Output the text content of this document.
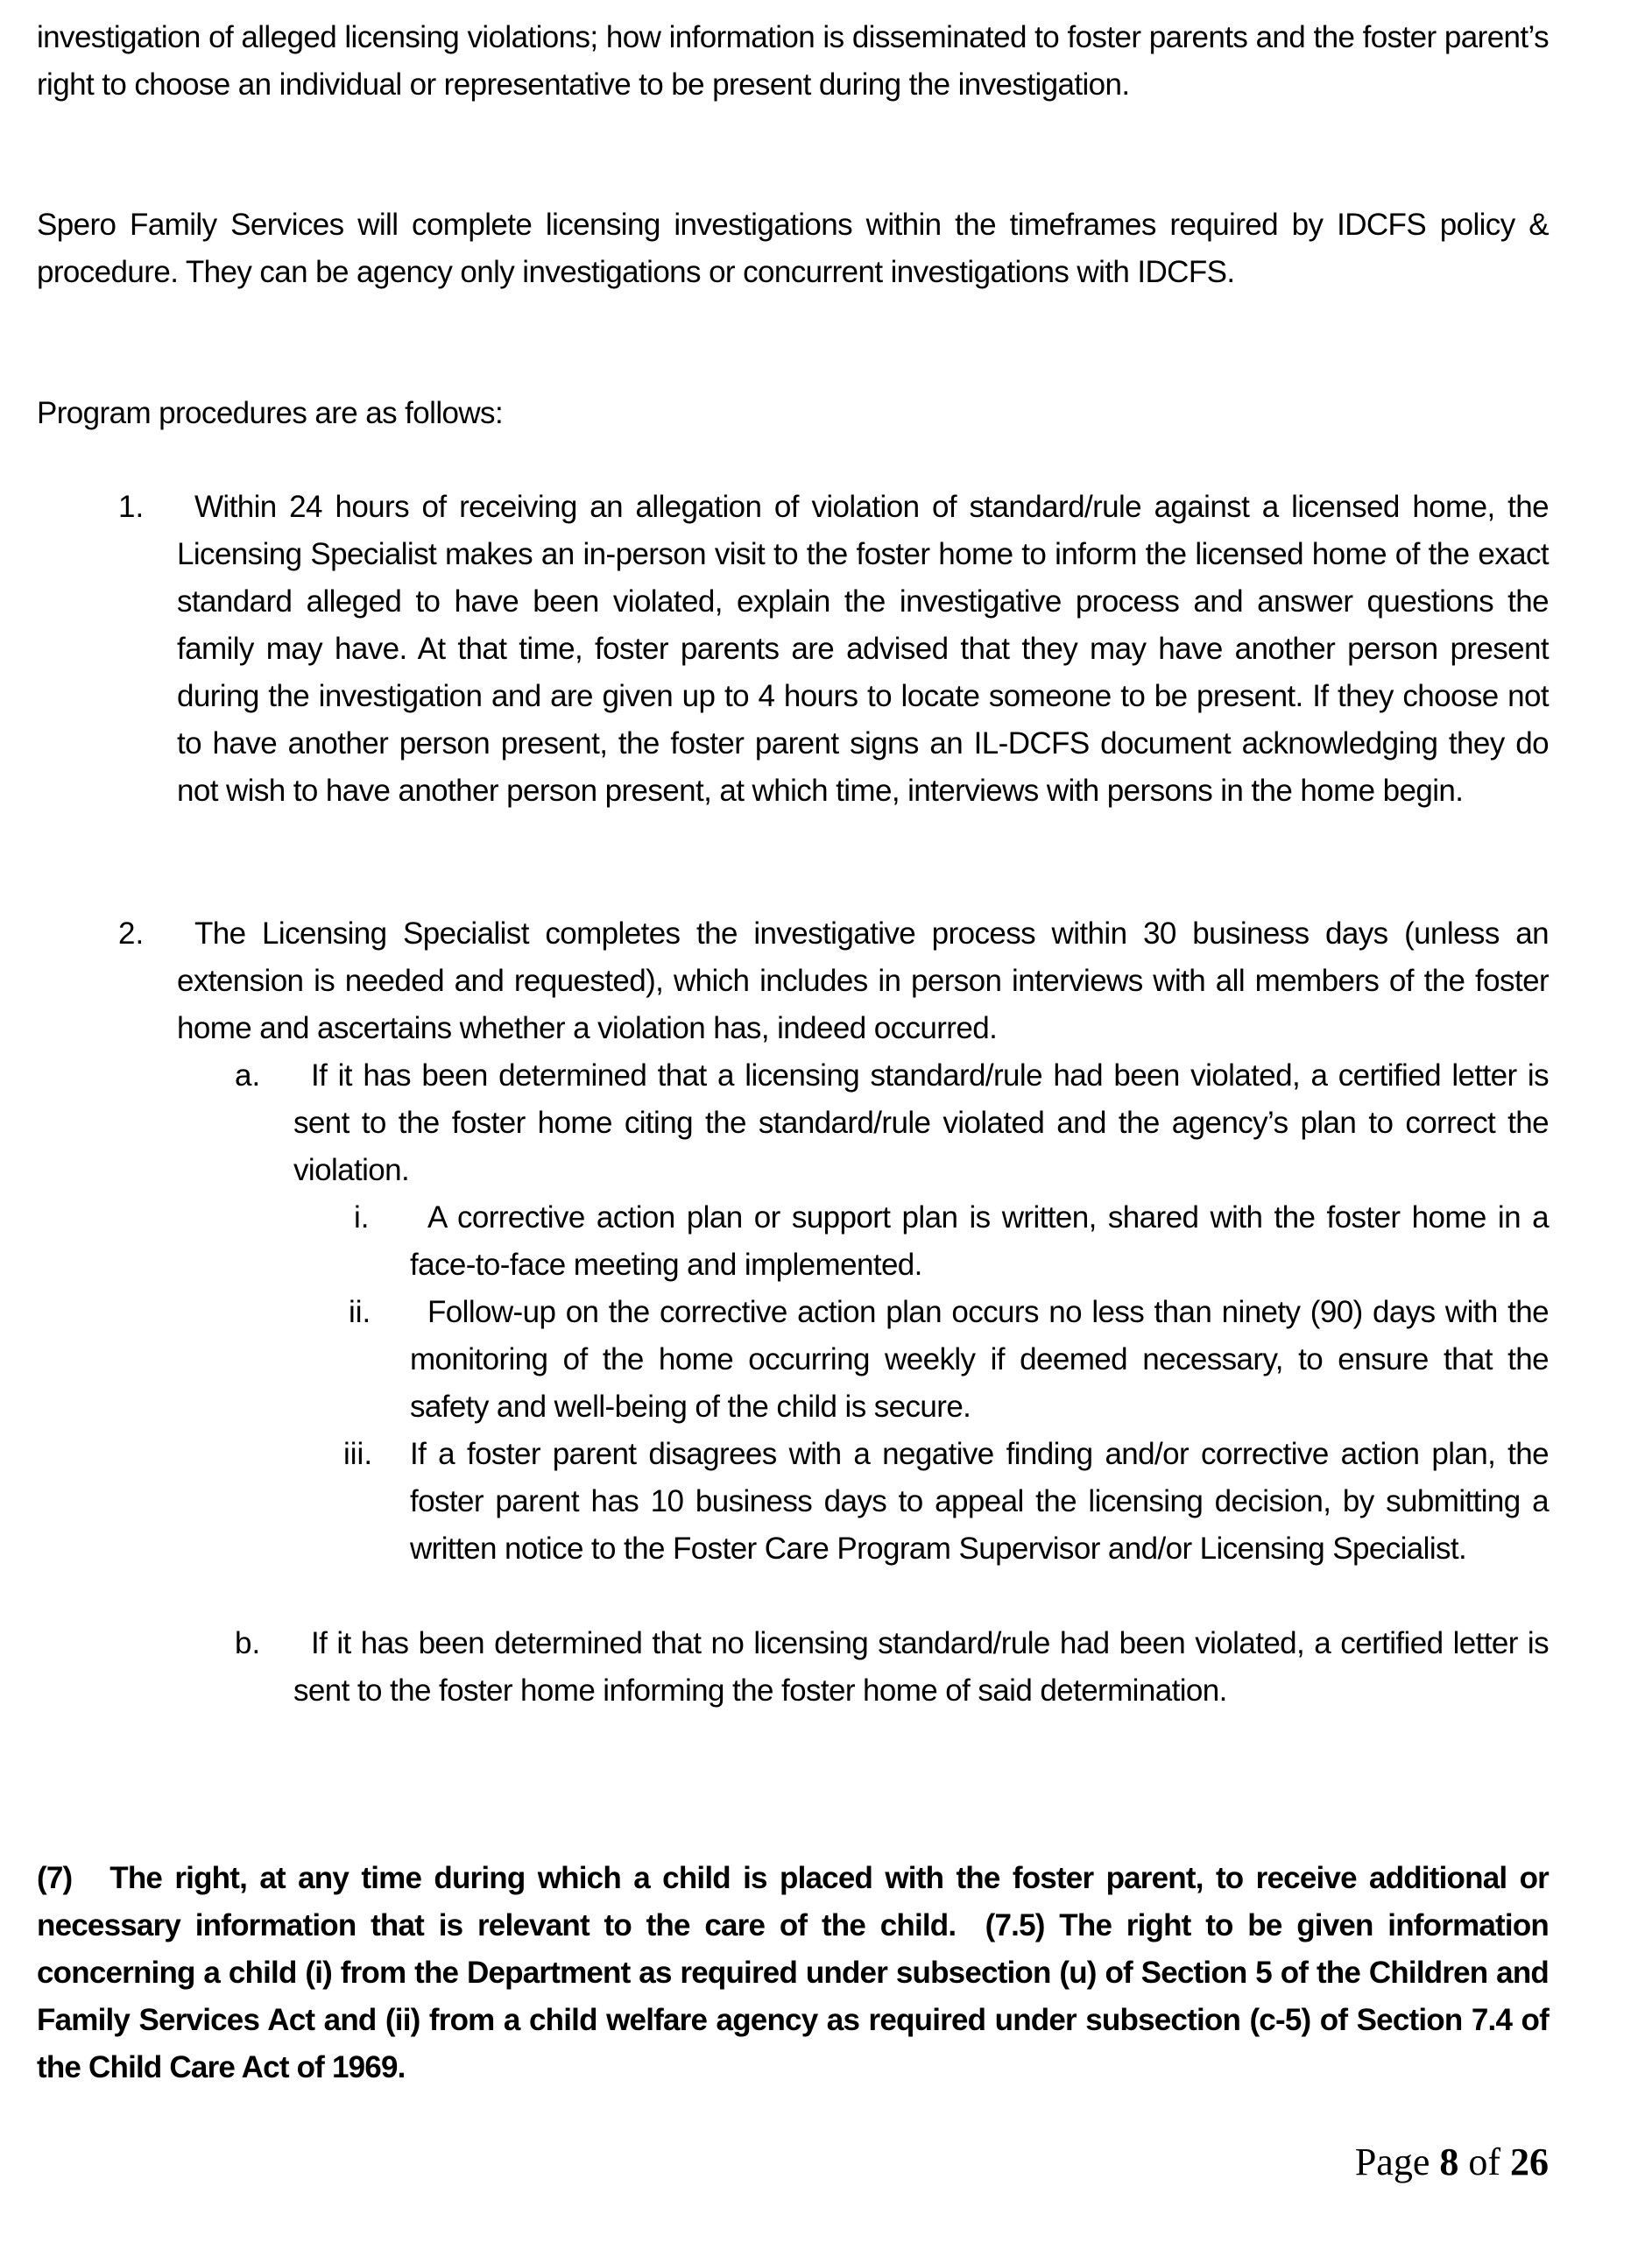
investigation of alleged licensing violations; how information is disseminated to foster parents and the foster parent’s right to choose an individual or representative to be present during the investigation.
Spero Family Services will complete licensing investigations within the timeframes required by IDCFS policy & procedure. They can be agency only investigations or concurrent investigations with IDCFS.
Program procedures are as follows:
1.	Within 24 hours of receiving an allegation of violation of standard/rule against a licensed home, the Licensing Specialist makes an in-person visit to the foster home to inform the licensed home of the exact standard alleged to have been violated, explain the investigative process and answer questions the family may have. At that time, foster parents are advised that they may have another person present during the investigation and are given up to 4 hours to locate someone to be present. If they choose not to have another person present, the foster parent signs an IL-DCFS document acknowledging they do not wish to have another person present, at which time, interviews with persons in the home begin.
2.	The Licensing Specialist completes the investigative process within 30 business days (unless an extension is needed and requested), which includes in person interviews with all members of the foster home and ascertains whether a violation has, indeed occurred.
a.	If it has been determined that a licensing standard/rule had been violated, a certified letter is sent to the foster home citing the standard/rule violated and the agency’s plan to correct the violation.
i.	A corrective action plan or support plan is written, shared with the foster home in a face-to-face meeting and implemented.
ii.	Follow-up on the corrective action plan occurs no less than ninety (90) days with the monitoring of the home occurring weekly if deemed necessary, to ensure that the safety and well-being of the child is secure.
iii. If a foster parent disagrees with a negative finding and/or corrective action plan, the foster parent has 10 business days to appeal the licensing decision, by submitting a written notice to the Foster Care Program Supervisor and/or Licensing Specialist.
b.	If it has been determined that no licensing standard/rule had been violated, a certified letter is sent to the foster home informing the foster home of said determination.
(7)   The right, at any time during which a child is placed with the foster parent, to receive additional or necessary information that is relevant to the care of the child.  (7.5) The right to be given information concerning a child (i) from the Department as required under subsection (u) of Section 5 of the Children and Family Services Act and (ii) from a child welfare agency as required under subsection (c-5) of Section 7.4 of the Child Care Act of 1969.
Page 8 of 26
